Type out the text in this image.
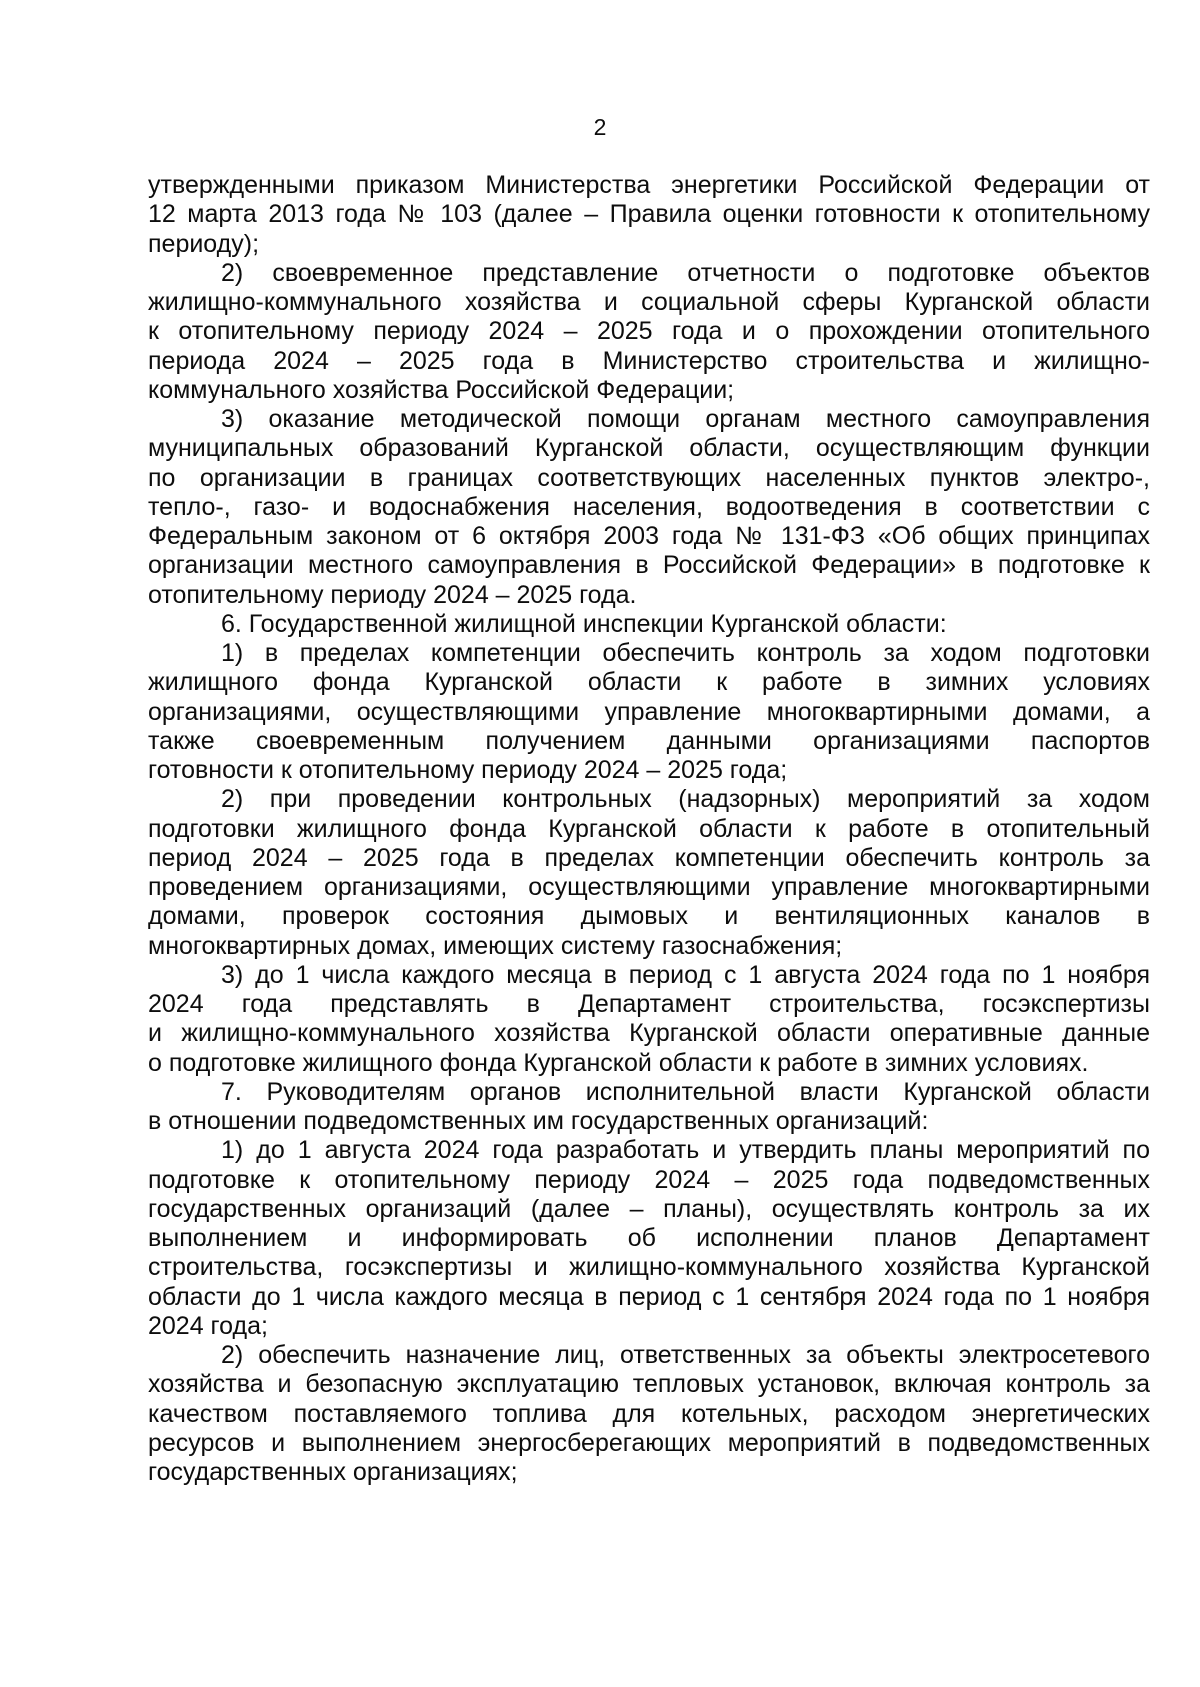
2
утвержденными приказом Министерства энергетики Российской Федерации от
12 марта 2013 года № 103 (далее – Правила оценки готовности к отопительному
периоду);
2) своевременное представление отчетности о подготовке объектов
жилищно-коммунального хозяйства и социальной сферы Курганской области
к отопительному периоду 2024 – 2025 года и о прохождении отопительного
периода 2024 – 2025 года в Министерство строительства и жилищно-
коммунального хозяйства Российской Федерации;
3) оказание методической помощи органам местного самоуправления
муниципальных образований Курганской области, осуществляющим функции
по организации в границах соответствующих населенных пунктов электро-,
тепло-, газо- и водоснабжения населения, водоотведения в соответствии с
Федеральным законом от 6 октября 2003 года № 131-ФЗ «Об общих принципах
организации местного самоуправления в Российской Федерации» в подготовке к
отопительному периоду 2024 – 2025 года.
6. Государственной жилищной инспекции Курганской области:
1) в пределах компетенции обеспечить контроль за ходом подготовки
жилищного фонда Курганской области к работе в зимних условиях
организациями, осуществляющими управление многоквартирными домами, а
также своевременным получением данными организациями паспортов
готовности к отопительному периоду 2024 – 2025 года;
2) при проведении контрольных (надзорных) мероприятий за ходом
подготовки жилищного фонда Курганской области к работе в отопительный
период 2024 – 2025 года в пределах компетенции обеспечить контроль за
проведением организациями, осуществляющими управление многоквартирными
домами, проверок состояния дымовых и вентиляционных каналов в
многоквартирных домах, имеющих систему газоснабжения;
3) до 1 числа каждого месяца в период с 1 августа 2024 года по 1 ноября
2024 года представлять в Департамент строительства, госэкспертизы
и жилищно-коммунального хозяйства Курганской области оперативные данные
о подготовке жилищного фонда Курганской области к работе в зимних условиях.
7. Руководителям органов исполнительной власти Курганской области
в отношении подведомственных им государственных организаций:
1) до 1 августа 2024 года разработать и утвердить планы мероприятий по
подготовке к отопительному периоду 2024 – 2025 года подведомственных
государственных организаций (далее – планы), осуществлять контроль за их
выполнением и информировать об исполнении планов Департамент
строительства, госэкспертизы и жилищно-коммунального хозяйства Курганской
области до 1 числа каждого месяца в период с 1 сентября 2024 года по 1 ноября
2024 года;
2) обеспечить назначение лиц, ответственных за объекты электросетевого
хозяйства и безопасную эксплуатацию тепловых установок, включая контроль за
качеством поставляемого топлива для котельных, расходом энергетических
ресурсов и выполнением энергосберегающих мероприятий в подведомственных
государственных организациях;
